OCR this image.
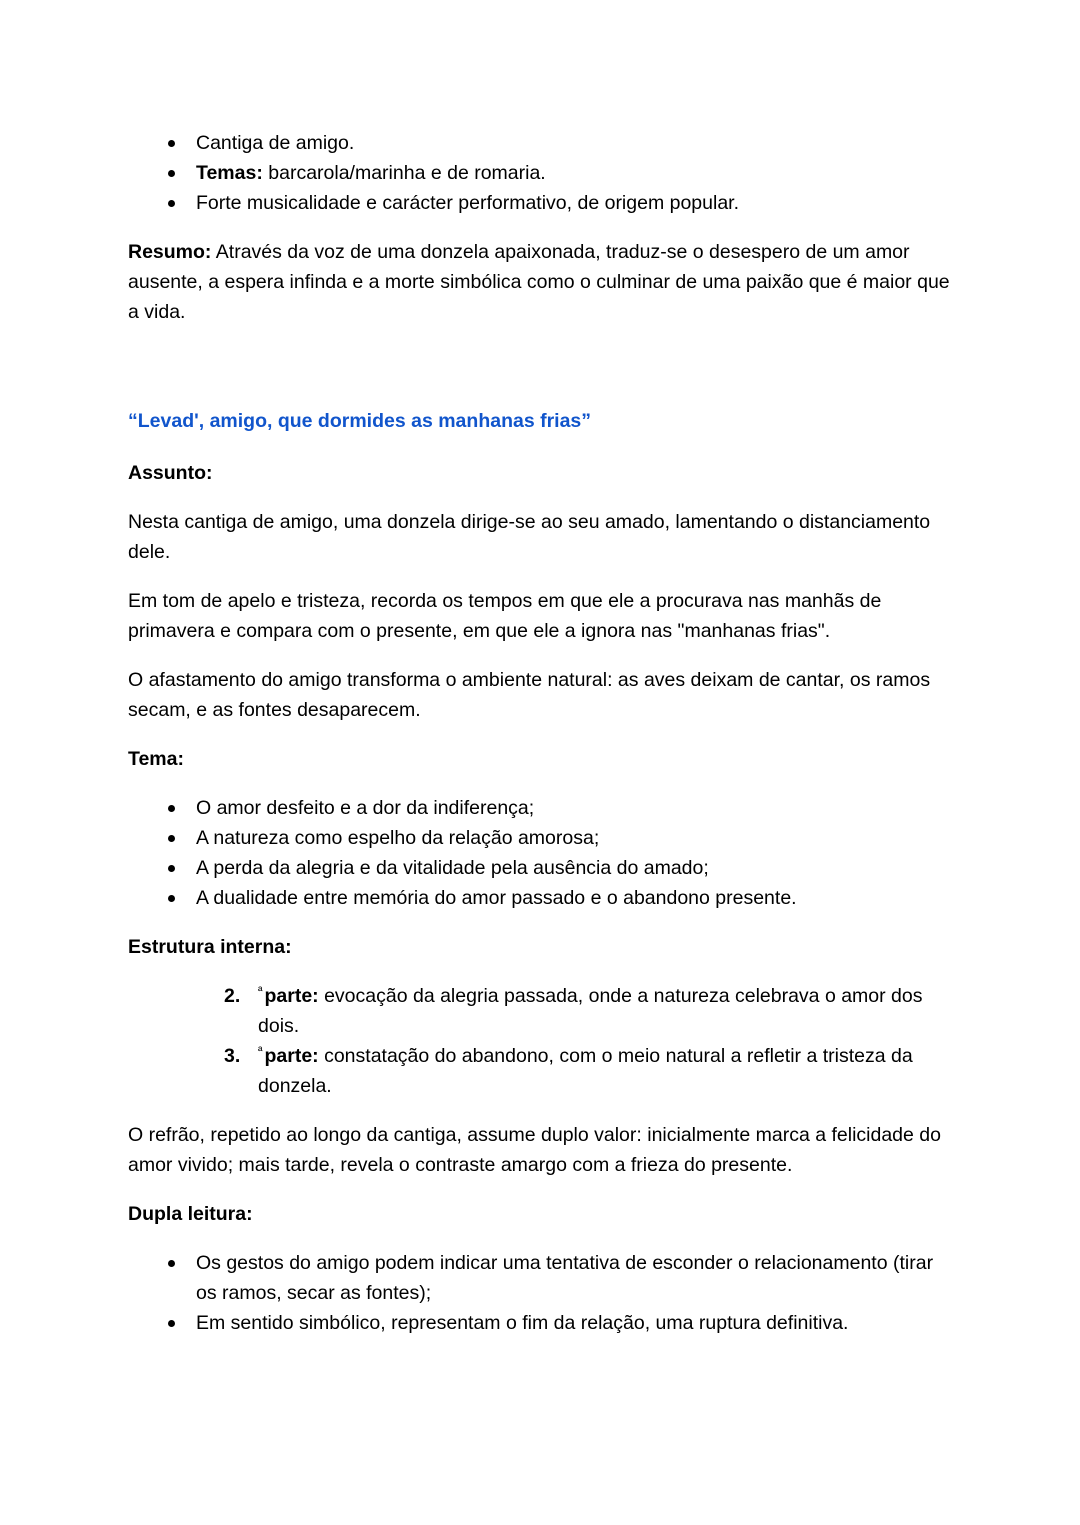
Cantiga de amigo.
Temas: barcarola/marinha e de romaria.
Forte musicalidade e carácter performativo, de origem popular.

Resumo: Através da voz de uma donzela apaixonada, traduz-se o desespero de um amor ausente, a espera infinda e a morte simbólica como o culminar de uma paixão que é maior que a vida.

“Levad', amigo, que dormides as manhanas frias”
Assunto:

Nesta cantiga de amigo, uma donzela dirige-se ao seu amado, lamentando o distanciamento dele.

Em tom de apelo e tristeza, recorda os tempos em que ele a procurava nas manhãs de primavera e compara com o presente, em que ele a ignora nas "manhanas frias".

O afastamento do amigo transforma o ambiente natural: as aves deixam de cantar, os ramos secam, e as fontes desaparecem.

Tema:
O amor desfeito e a dor da indiferença;
A natureza como espelho da relação amorosa;
A perda da alegria e da vitalidade pela ausência do amado;
A dualidade entre memória do amor passado e o abandono presente.
Estrutura interna:
2.	$^ª$ parte: evocação da alegria passada, onde a natureza celebrava o amor dos dois.
3.	$^ª$ parte: constatação do abandono, com o meio natural a refletir a tristeza da donzela.

O refrão, repetido ao longo da cantiga, assume duplo valor: inicialmente marca a felicidade do amor vivido; mais tarde, revela o contraste amargo com a frieza do presente.

Dupla leitura:
Os gestos do amigo podem indicar uma tentativa de esconder o relacionamento (tirar os ramos, secar as fontes);
Em sentido simbólico, representam o fim da relação, uma ruptura definitiva.
